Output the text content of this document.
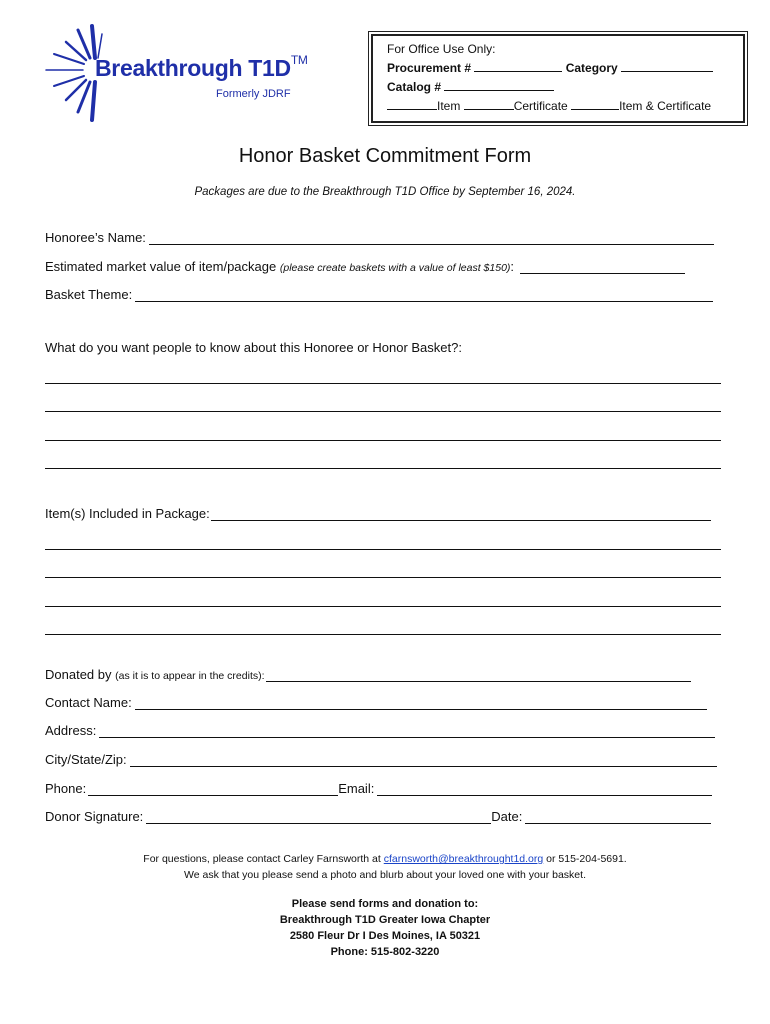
Breakthrough T1D™
Formerly JDRF
For Office Use Only:
Procurement #	Category
Catalog #
Item	Certificate	Item & Certificate
Honor Basket Commitment Form
Packages are due to the Breakthrough T1D Office by September 16, 2024.
Honoree’s Name:
Estimated market value of item/package
(please create baskets with a value of least $150) :
Basket Theme:
What do you want people to know about this Honoree or Honor Basket?:
Item(s) Included in Package:
Donated by
(as it is to appear in the credits):
Contact Name:
Address:
City/State/Zip:
Phone:	Email:
Donor Signature:	Date:
For questions, please contact Carley Farnsworth at cfarnsworth@breakthrought1d.org or 515-204-5691.
We ask that you please send a photo and blurb about your loved one with your basket.
Please send forms and donation to:
Breakthrough T1D Greater Iowa Chapter
2580 Fleur Dr I Des Moines, IA 50321
Phone: 515-802-3220
